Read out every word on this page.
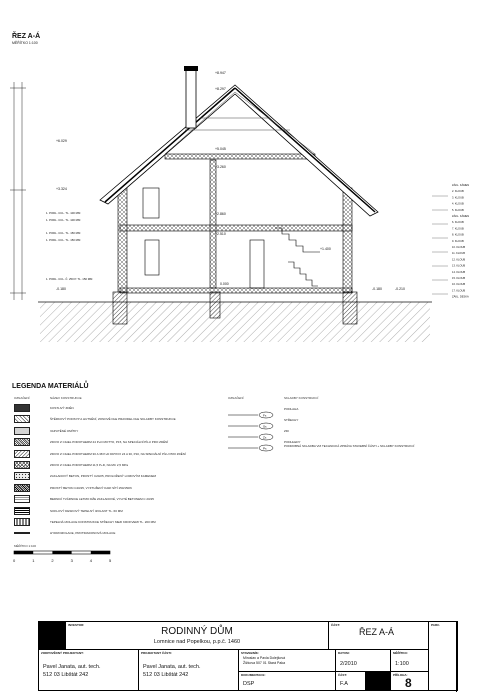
ŘEZ A-Á
MĚŘÍTKO 1:100
+8.947
+8.297
+6.029
+5.045
+3.260
+3.324
+2.860
+2.510
+1.400
0.000
-0.180	-0.180	-0.210
1. PODL. CCL. TL. 100 MM
1. PODL. CCL. TL. 100 MM
1. PODL. CCL. TL. 150 MM
1. PODL. CCL. TL. 150 MM
1. PODL. CCL. Č. 250 P. TL. 150 MM
ZÁKL. KÁMEN
2. KLOUB
3. KLOUB
4. KLOUB
5. KLOUB
ZÁKL. KÁMEN
6. KLOUB
7. KLOUB
8. KLOUB
9. KLOUB
10. KLOUB
11. KLOUB
12. KLOUB
13. KLOUB
14. KLOUB
15. KLOUB
16. KLOUB
17. KLOUB
ZÁKL. DESKA
LEGENDA MATERIÁLŮ
OZNAČENÍ	NÁZEV KONSTRUKCE	OZNAČENÍ	SKLADBY KONSTRUKCÍ
KOSTLIVÝ ZDĚN
ŠTĚRKOVÝ PODSYP A HUTNĚNÍ, ZONOVĚ DLE PRAVIDEL DLE SKLADBY KONSTRUKCE
VAPUTĚNÉ OMÍTKY
ZDIVO Z CIHEL POROTHERM 44 P+D MOTTO, P15, NA SPECIÁLNÍ PÍLU PRO ZDĚNÍ
ZDIVO Z CIHEL POROTHERM 30 A 38 P+D DRYFIX 24 A 30, P10, NA SPECIÁLNÍ PÍLU PRO ZDĚNÍ
ZDIVO Z CIHEL POROTHERM 11,5 P+D, NA MC 2,5 MPa
ZAKLADOVÝ BETON, PROSTÝ C20/25, PROLOŽENÝ LOMOVÝM KAMENEM
PROSTÝ BETON C20/25, VYZTUŽENÝ KARI SÍTÍ 150/150/6
BEDNICÍ TVÁRNICE LETMO DŽE ZAKLADOVÉ, VYLITÉ BETONEM C 20/25
SOKLOVÝ DESKOVÝ TEPELNÝ IZOLANT TL. 60 MM
TEPELNÁ IZOLACE KONSTRUKCE STŘECHY MEZI KROKVEMI TL. 200 MM
HYDROIZOLACE, PROTIRADONOVÁ IZOLACE
Fx
PODLAHA
Sx
STŘECHY
Zx
ZDI
Px
PODHLEDY
PODROBNÁ SKLADBA VIZ TECHNICKÁ ZPRÁVA STAVEBNÍ ČÁSTI + SKLADBY KONSTRUKCÍ
MĚŘÍTKO 1:100
0	1	2	3	4	5
INVESTOR:
RODINNÝ DŮM
Lomnice nad Popelkou, p.p.č. 1460
ČÁST:
ŘEZ A-Á
PARC.
ZODPOVĚDNÝ PROJEKTANT:
Pavel Janata, aut. tech.
512 03 Libštát 242
PROJEKTANT ČÁSTI:
Pavel Janata, aut. tech.
512 03 Libštát 242
STAVEBNÍK:
Miroslav a Pavla Dolejšová
Žižkova 507 01 Stará Paka
DATUM:
2/2010
MĚŘÍTKO:
1:100
DOKUMENTACE:
DSP
ČÁST:
F.A
PŘÍLOHA:
8
